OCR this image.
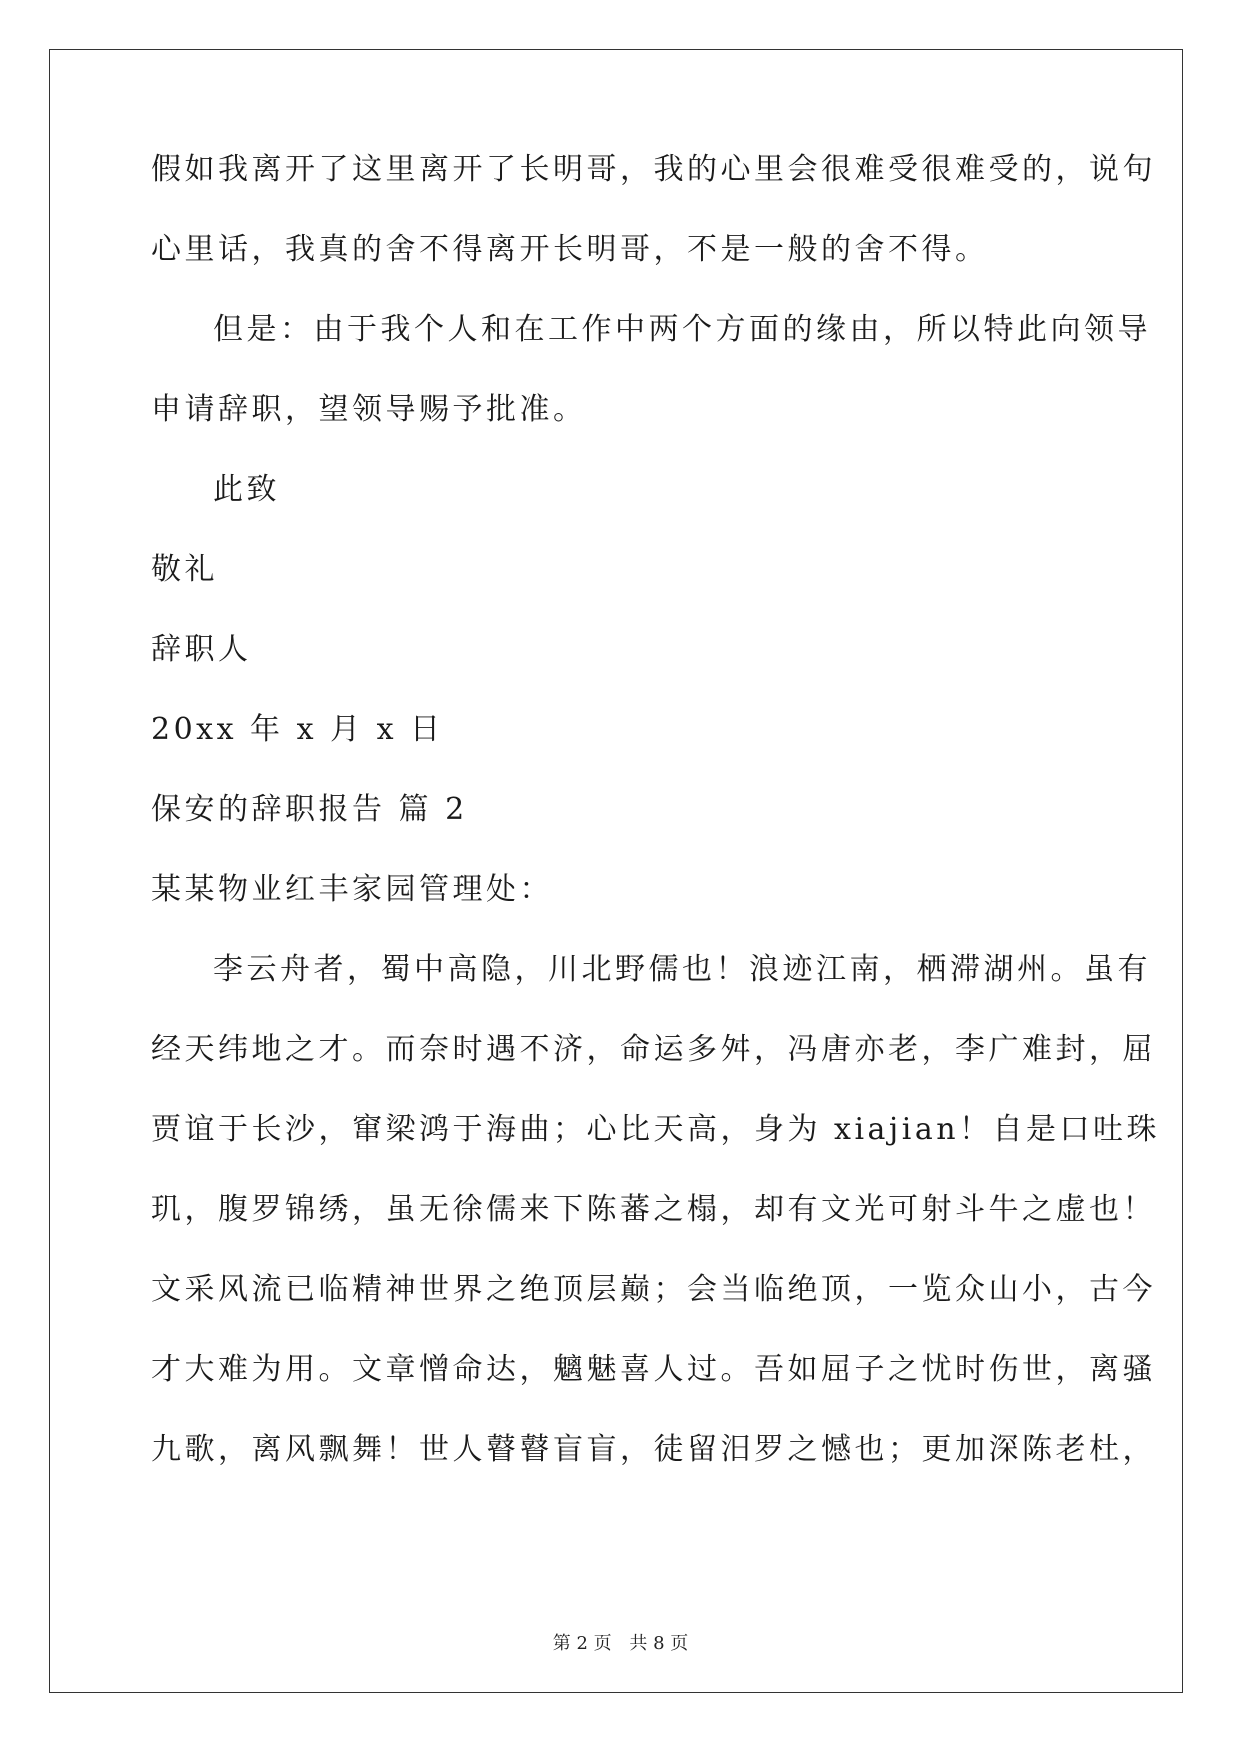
假如我离开了这里离开了长明哥，我的心里会很难受很难受的，说句
心里话，我真的舍不得离开长明哥，不是一般的舍不得。
但是：由于我个人和在工作中两个方面的缘由，所以特此向领导
申请辞职，望领导赐予批准。
此致
敬礼
辞职人
20xx 年 x 月 x 日
保安的辞职报告 篇 2
某某物业红丰家园管理处：
李云舟者，蜀中高隐，川北野儒也！浪迹江南，栖滞湖州。虽有
经天纬地之才。而奈时遇不济，命运多舛，冯唐亦老，李广难封，屈
贾谊于长沙，窜梁鸿于海曲；心比天高，身为 xiajian！自是口吐珠
玑，腹罗锦绣，虽无徐儒来下陈蕃之榻，却有文光可射斗牛之虚也！
文采风流已临精神世界之绝顶层巅；会当临绝顶，一览众山小，古今
才大难为用。文章憎命达，魑魅喜人过。吾如屈子之忧时伤世，离骚
九歌，离风飘舞！世人瞽瞽盲盲，徒留汨罗之憾也；更加深陈老杜，
第 2 页 共 8 页
